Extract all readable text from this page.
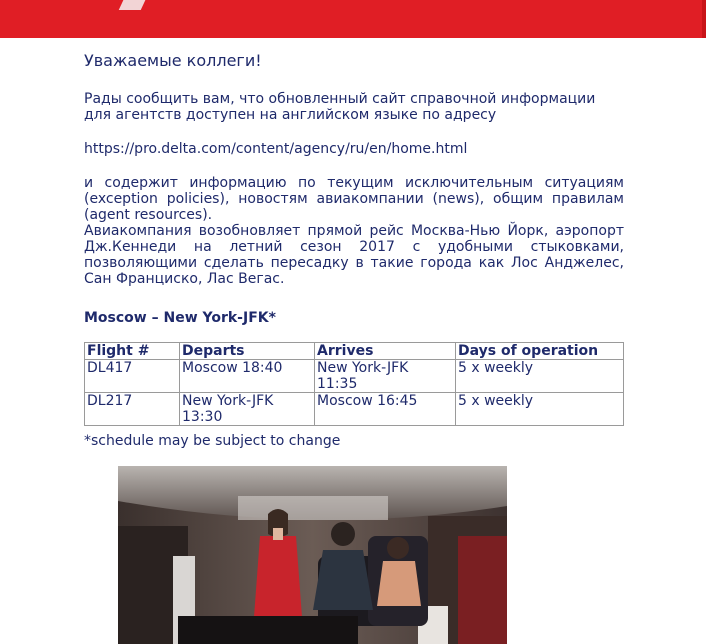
Уважаемые коллеги!
Рады сообщить вам, что обновленный сайт справочной информации для агентств доступен на английском языке по адресу
https://pro.delta.com/content/agency/ru/en/home.html
и содержит информацию по текущим исключительным ситуациям (exception policies), новостям авиакомпании (news), общим правилам (agent resources).
Авиакомпания возобновляет прямой рейс Москва-Нью Йорк, аэропорт Дж.Кеннеди на летний сезон 2017 с удобными стыковками, позволяющими сделать пересадку в такие города как Лос Анджелес, Сан Франциско, Лас Вегас.
Moscow – New York-JFK*
Flight #	Departs	Arrives	Days of operation
DL417	Moscow 18:40	New York-JFK 11:35	5 x weekly
DL217	New York-JFK 13:30	Moscow 16:45	5 x weekly
*schedule may be subject to change
